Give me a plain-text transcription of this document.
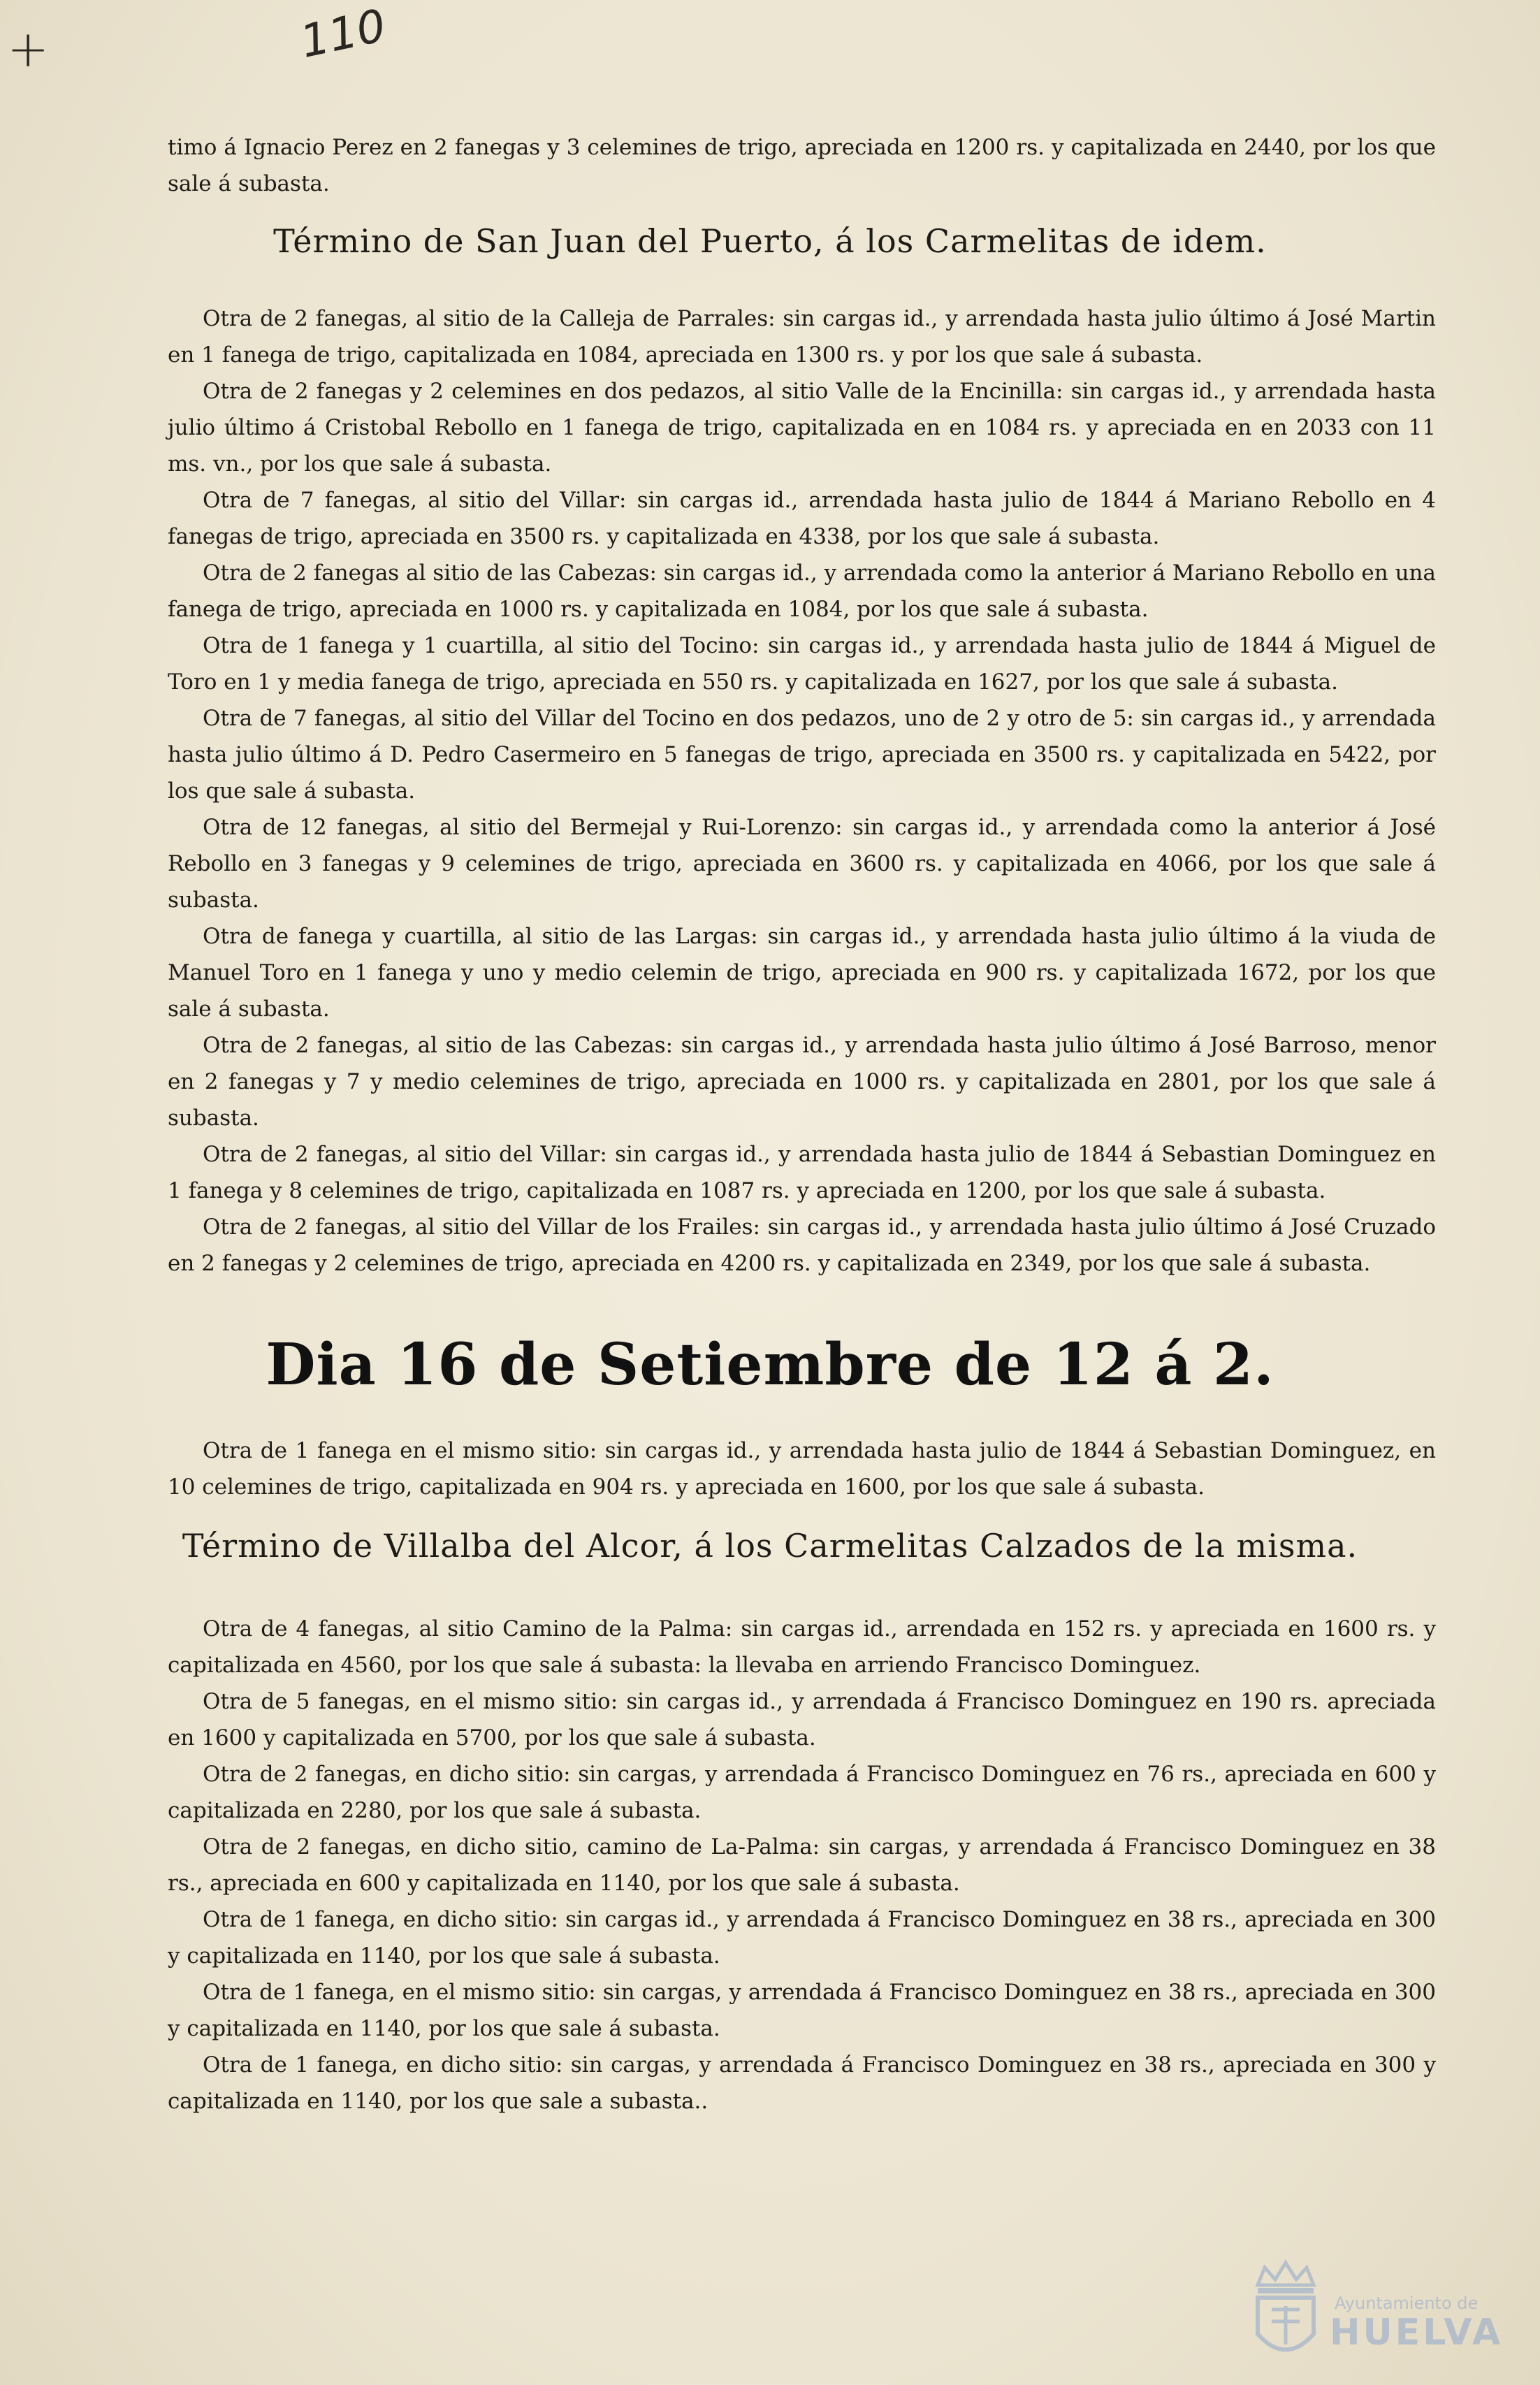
+	110

timo á Ignacio Perez en 2 fanegas y 3 celemines de trigo, apreciada en 1200 rs. y capitalizada en 2440, por los que sale á subasta.

Término de San Juan del Puerto, á los Carmelitas de idem.

Otra de 2 fanegas, al sitio de la Calleja de Parrales: sin cargas id., y arrendada hasta julio último á José Martin en 1 fanega de trigo, capitalizada en 1084, apreciada en 1300 rs. y por los que sale á subasta.

Otra de 2 fanegas y 2 celemines en dos pedazos, al sitio Valle de la Encinilla: sin cargas id., y arrendada hasta julio último á Cristobal Rebollo en 1 fanega de trigo, capitalizada en en 1084 rs. y apreciada en en 2033 con 11 ms. vn., por los que sale á subasta.

Otra de 7 fanegas, al sitio del Villar: sin cargas id., arrendada hasta julio de 1844 á Mariano Rebollo en 4 fanegas de trigo, apreciada en 3500 rs. y capitalizada en 4338, por los que sale á subasta.

Otra de 2 fanegas al sitio de las Cabezas: sin cargas id., y arrendada como la anterior á Mariano Rebollo en una fanega de trigo, apreciada en 1000 rs. y capitalizada en 1084, por los que sale á subasta.

Otra de 1 fanega y 1 cuartilla, al sitio del Tocino: sin cargas id., y arrendada hasta julio de 1844 á Miguel de Toro en 1 y media fanega de trigo, apreciada en 550 rs. y capitalizada en 1627, por los que sale á subasta.

Otra de 7 fanegas, al sitio del Villar del Tocino en dos pedazos, uno de 2 y otro de 5: sin cargas id., y arrendada hasta julio último á D. Pedro Casermeiro en 5 fanegas de trigo, apreciada en 3500 rs. y capitalizada en 5422, por los que sale á subasta.

Otra de 12 fanegas, al sitio del Bermejal y Rui-Lorenzo: sin cargas id., y arrendada como la anterior á José Rebollo en 3 fanegas y 9 celemines de trigo, apreciada en 3600 rs. y capitalizada en 4066, por los que sale á subasta.

Otra de fanega y cuartilla, al sitio de las Largas: sin cargas id., y arrendada hasta julio último á la viuda de Manuel Toro en 1 fanega y uno y medio celemin de trigo, apreciada en 900 rs. y capitalizada 1672, por los que sale á subasta.

Otra de 2 fanegas, al sitio de las Cabezas: sin cargas id., y arrendada hasta julio último á José Barroso, menor en 2 fanegas y 7 y medio celemines de trigo, apreciada en 1000 rs. y capitalizada en 2801, por los que sale á subasta.

Otra de 2 fanegas, al sitio del Villar: sin cargas id., y arrendada hasta julio de 1844 á Sebastian Dominguez en 1 fanega y 8 celemines de trigo, capitalizada en 1087 rs. y apreciada en 1200, por los que sale á subasta.

Otra de 2 fanegas, al sitio del Villar de los Frailes: sin cargas id., y arrendada hasta julio último á José Cruzado en 2 fanegas y 2 celemines de trigo, apreciada en 4200 rs. y capitalizada en 2349, por los que sale á subasta.

Dia 16 de Setiembre de 12 á 2.

Otra de 1 fanega en el mismo sitio: sin cargas id., y arrendada hasta julio de 1844 á Sebastian Dominguez, en 10 celemines de trigo, capitalizada en 904 rs. y apreciada en 1600, por los que sale á subasta.

Término de Villalba del Alcor, á los Carmelitas Calzados de la misma.

Otra de 4 fanegas, al sitio Camino de la Palma: sin cargas id., arrendada en 152 rs. y apreciada en 1600 rs. y capitalizada en 4560, por los que sale á subasta: la llevaba en arriendo Francisco Dominguez.

Otra de 5 fanegas, en el mismo sitio: sin cargas id., y arrendada á Francisco Dominguez en 190 rs. apreciada en 1600 y capitalizada en 5700, por los que sale á subasta.

Otra de 2 fanegas, en dicho sitio: sin cargas, y arrendada á Francisco Dominguez en 76 rs., apreciada en 600 y capitalizada en 2280, por los que sale á subasta.

Otra de 2 fanegas, en dicho sitio, camino de La-Palma: sin cargas, y arrendada á Francisco Dominguez en 38 rs., apreciada en 600 y capitalizada en 1140, por los que sale á subasta.

Otra de 1 fanega, en dicho sitio: sin cargas id., y arrendada á Francisco Dominguez en 38 rs., apreciada en 300 y capitalizada en 1140, por los que sale á subasta.

Otra de 1 fanega, en el mismo sitio: sin cargas, y arrendada á Francisco Dominguez en 38 rs., apreciada en 300 y capitalizada en 1140, por los que sale á subasta.

Otra de 1 fanega, en dicho sitio: sin cargas, y arrendada á Francisco Dominguez en 38 rs., apreciada en 300 y capitalizada en 1140, por los que sale a subasta..

Ayuntamiento de
HUELVA
